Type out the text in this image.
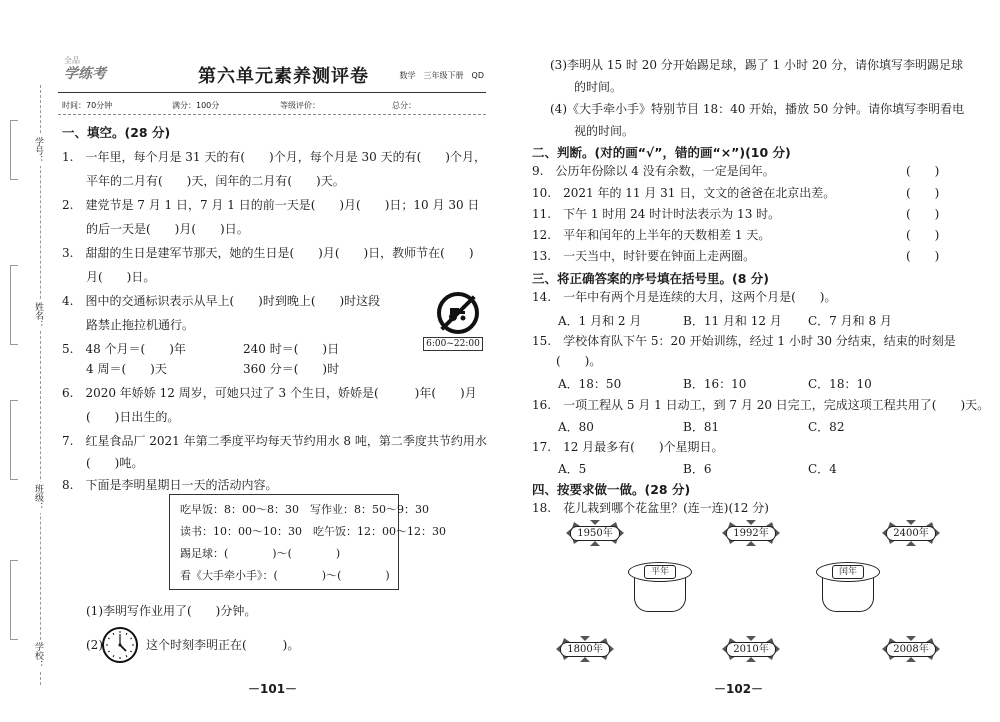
学号：
姓名：
班级：
学校：
全品
学练考	第六单元素养测评卷	数学　三年级下册　QD
时间：70分钟	满分：100分	等级评价：	总分：
一、填空。(28 分)
1.　一年里，每个月是 31 天的有(　　)个月，每个月是 30 天的有(　　)个月，
　　平年的二月有(　　)天，闰年的二月有(　　)天。
2.　建党节是 7 月 1 日，7 月 1 日的前一天是(　　)月(　　)日；10 月 30 日
　　的后一天是(　　)月(　　)日。
3.　甜甜的生日是建军节那天，她的生日是(　　)月(　　)日，教师节在(　　)
　　月(　　)日。
4.　图中的交通标识表示从早上(　　)时到晚上(　　)时这段
　　路禁止拖拉机通行。
6:00~22:00
5.　48 个月＝(　　)年	240 时＝(　　)日
　　4 周＝(　　)天	360 分＝(　　)时
6.　2020 年娇娇 12 周岁，可她只过了 3 个生日，娇娇是(　　　)年(　　)月
　　(　　)日出生的。
7.　红星食品厂 2021 年第二季度平均每天节约用水 8 吨，第二季度共节约用水
　　(　　)吨。
8.　下面是李明星期日一天的活动内容。
吃早饭：8：00～8：30　写作业：8：50～9：30
读书：10：00～10：30　吃午饭：12：00～12：30
踢足球：(　　　　)～(　　　　)
看《大手牵小手》：(　　　　)～(　　　　)
(1)李明写作业用了(　　)分钟。
(2)	这个时刻李明正在(　　　)。
－101－
(3)李明从 15 时 20 分开始踢足球，踢了 1 小时 20 分，请你填写李明踢足球
　　的时间。
(4)《大手牵小手》特别节目 18：40 开始，播放 50 分钟。请你填写李明看电
　　视的时间。
二、判断。(对的画“√”，错的画“×”)(10 分)
9.　公历年份除以 4 没有余数，一定是闰年。	(　　)
10.　2021 年的 11 月 31 日，文文的爸爸在北京出差。	(　　)
11.　下午 1 时用 24 时计时法表示为 13 时。	(　　)
12.　平年和闰年的上半年的天数相差 1 天。	(　　)
13.　一天当中，时针要在钟面上走两圈。	(　　)
三、将正确答案的序号填在括号里。(8 分)
14.　一年中有两个月是连续的大月，这两个月是(　　)。
A．1 月和 2 月	B．11 月和 12 月 C．7 月和 8 月
15.　学校体育队下午 5：20 开始训练，经过 1 小时 30 分结束，结束的时刻是
　　(　　)。
A．18：50	B．16：10	C．18：10
16.　一项工程从 5 月 1 日动工，到 7 月 20 日完工，完成这项工程共用了(　　)天。
A．80	B．81	C．82
17.　12 月最多有(　　)个星期日。
A．5	B．6	C．4
四、按要求做一做。(28 分)
18.　花儿栽到哪个花盆里？(连一连)(12 分)
1950年	1992年	2400年
平年	闰年
1800年	2010年	2008年
－102－
